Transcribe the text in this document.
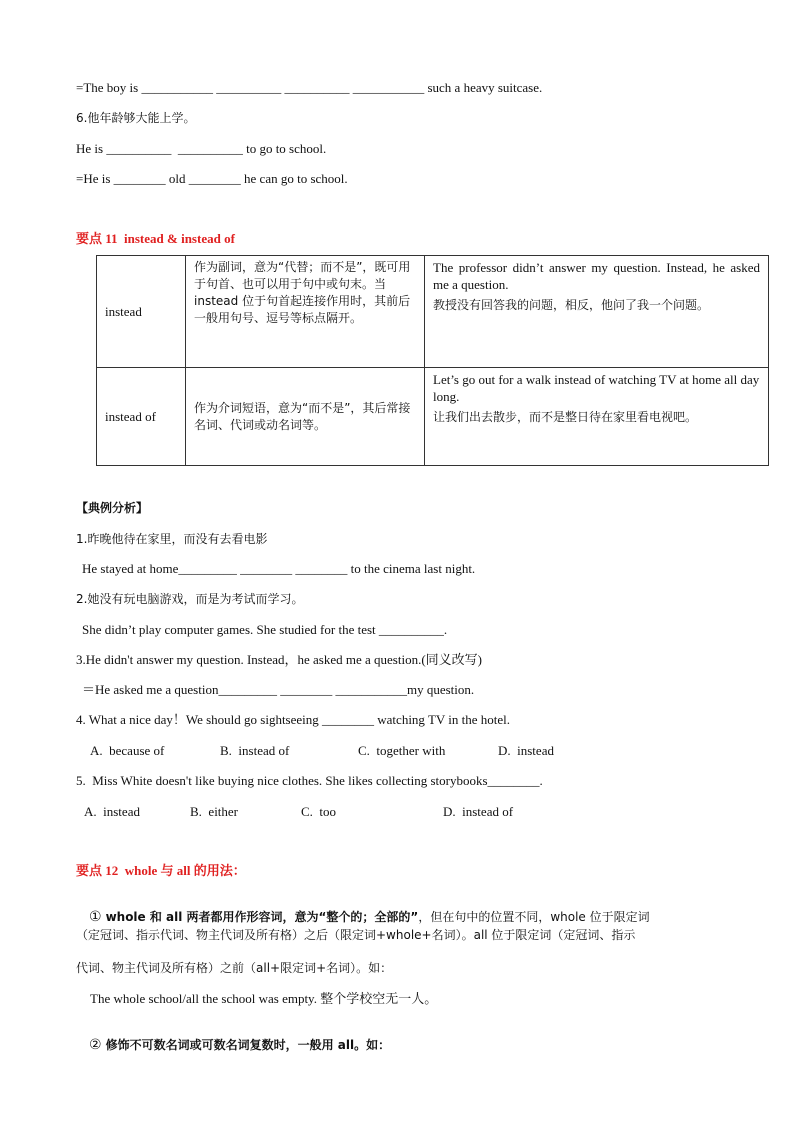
=The boy is ___________ __________ __________ ___________ such a heavy suitcase.
6.他年龄够大能上学。
He is __________  __________ to go to school.
=He is ________ old ________ he can go to school.
要点 11  instead & instead of
instead	作为副词，意为“代替；而不是”，既可用于句首、也可以用于句中或句末。当 instead 位于句首起连接作用时，其前后一般用句号、逗号等标点隔开。	The professor didn’t answer my question. Instead, he asked me a question.

教授没有回答我的问题，相反，他问了我一个问题。

instead of	作为介词短语，意为“而不是”，其后常接名词、代词或动名词等。	Let’s go out for a walk instead of watching TV at home all day long.

让我们出去散步，而不是整日待在家里看电视吧。

【典例分析】
1.昨晚他待在家里，而没有去看电影
He stayed at home_________ ________ ________ to the cinema last night.
2.她没有玩电脑游戏，而是为考试而学习。
She didn’t play computer games. She studied for the test __________.
3.He didn't answer my question. Instead，he asked me a question.(同义改写)
＝He asked me a question_________ ________ ___________my question.
4. What a nice day！We should go sightseeing ________ watching TV in the hotel.
A.  because of	B.  instead of	C.  together with	D.  instead
5.  Miss White doesn't like buying nice clothes. She likes collecting storybooks________.
A.  instead	B.  either	C.  too	D.  instead of
要点 12  whole 与 all 的用法：

① whole 和 all 两者都用作形容词，意为“整个的；全部的”，但在句中的位置不同，whole 位于限定词

（定冠词、指示代词、物主代词及所有格）之后（限定词+whole+名词）。all 位于限定词（定冠词、指示
代词、物主代词及所有格）之前（all+限定词+名词）。如：
The whole school/all the school was empty. 整个学校空无一人。

② 修饰不可数名词或可数名词复数时，一般用 all。如：
